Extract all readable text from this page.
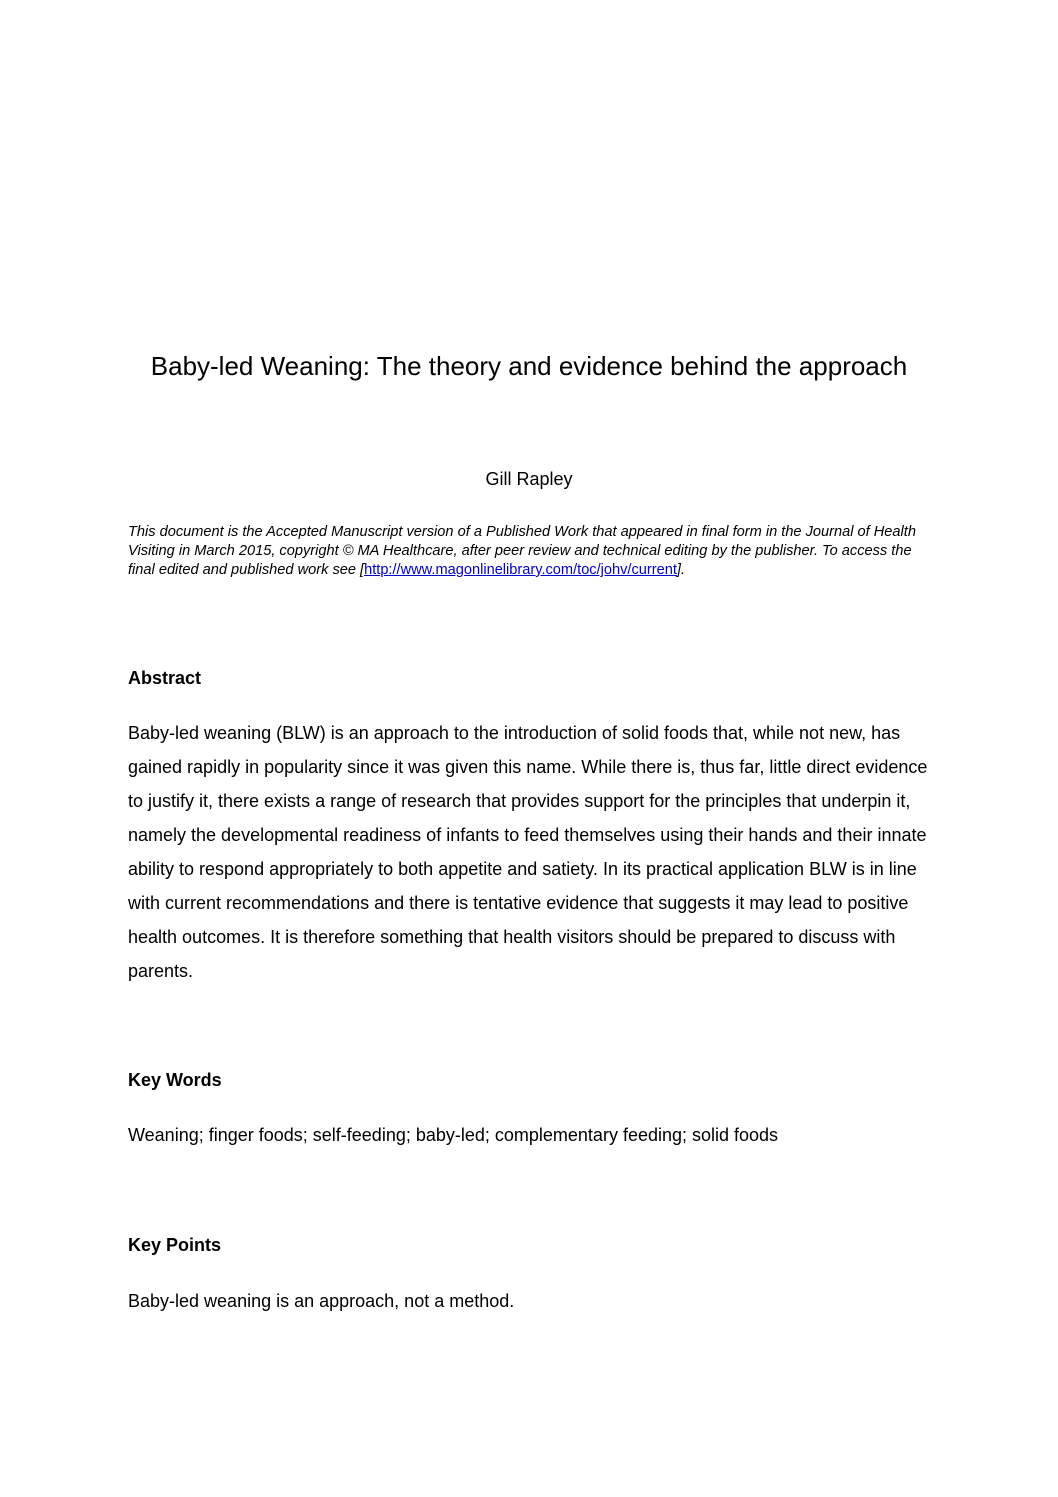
Baby-led Weaning: The theory and evidence behind the approach

Gill Rapley

This document is the Accepted Manuscript version of a Published Work that appeared in final form in the Journal of Health Visiting in March 2015, copyright © MA Healthcare, after peer review and technical editing by the publisher. To access the final edited and published work see [http://www.magonlinelibrary.com/toc/johv/current].

Abstract

Baby-led weaning (BLW) is an approach to the introduction of solid foods that, while not new, has gained rapidly in popularity since it was given this name. While there is, thus far, little direct evidence to justify it, there exists a range of research that provides support for the principles that underpin it, namely the developmental readiness of infants to feed themselves using their hands and their innate ability to respond appropriately to both appetite and satiety. In its practical application BLW is in line with current recommendations and there is tentative evidence that suggests it may lead to positive health outcomes. It is therefore something that health visitors should be prepared to discuss with parents.

Key Words

Weaning; finger foods; self-feeding; baby-led; complementary feeding; solid foods

Key Points

Baby-led weaning is an approach, not a method.
